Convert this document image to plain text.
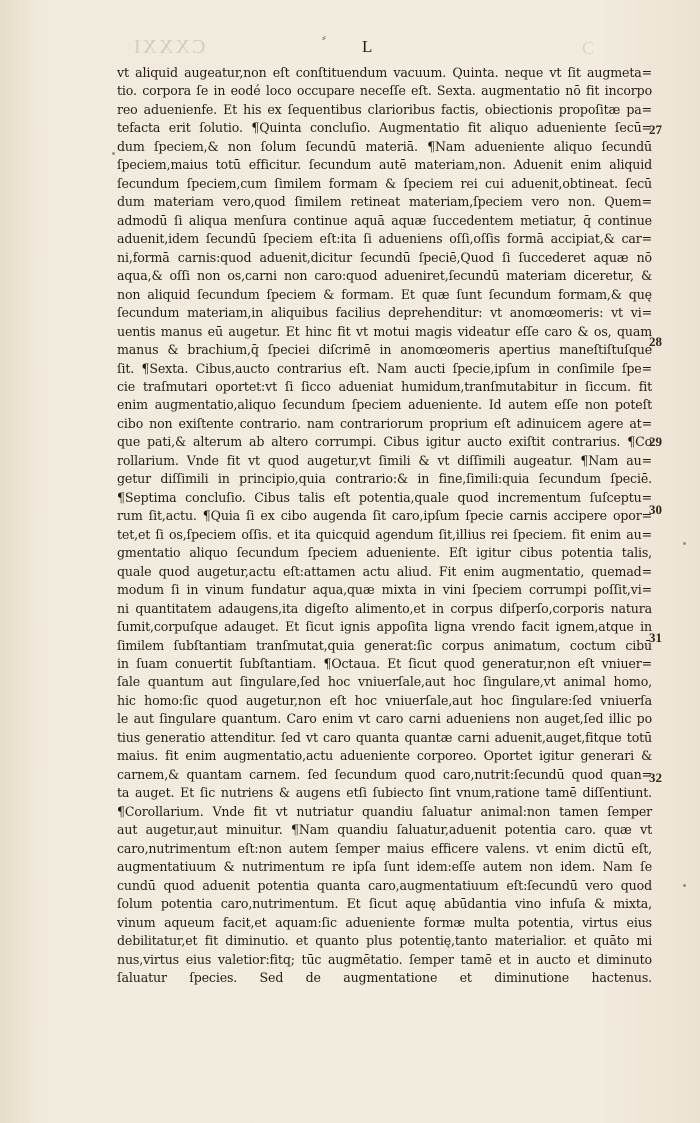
CXXXI	C
⸗ L
vt aliquid augeatur,non eſt conſtituendum vacuum. Quinta. neque vt ſit augmeta=
tio. corpora ſe in eodé loco occupare neceſſe eſt. Sexta. augmentatio nō fit incorpo
reo aduenienfe. Et his ex ſequentibus clarioribus factis, obiectionis propoſitæ pa=
tefacta erit ſolutio. ¶Quinta concluſio. Augmentatio fit aliquo adueniente ſecū=
dum ſpeciem,& non ſolum ſecundū materiā. ¶Nam adueniente aliquo ſecundū
ſpeciem,maius totū efficitur. ſecundum autē materiam,non. Aduenit enim aliquid
ſecundum ſpeciem,cum ſimilem formam & ſpeciem rei cui aduenit,obtineat. ſecū
dum materiam vero,quod ſimilem retineat materiam,ſpeciem vero non. Quem=
admodū ſi aliqua menſura continue aquā aquæ ſuccedentem metiatur, q̄ continue
aduenit,idem ſecundū ſpeciem eſt:ita ſi adueniens oſſi,oſſis formā accipiat,& car=
ni,formā carnis:quod aduenit,dicitur ſecundū ſpeciē,Quod ſi ſuccederet aquæ nō
aqua,& oſſi non os,carni non caro:quod adueniret,ſecundū materiam diceretur, &
non aliquid ſecundum ſpeciem & formam. Et quæ ſunt ſecundum formam,& quę
ſecundum materiam,in aliquibus facilius deprehenditur: vt anomœomeris: vt vi=
uentis manus eū augetur. Et hinc fit vt motui magis videatur eſſe caro & os, quam
manus & brachium,q̄ ſpeciei diſcrimē in anomœomeris apertius maneſtiſtuſque
ſit. ¶Sexta. Cibus,aucto contrarius eſt. Nam aucti ſpecie,ipſum in conſimile ſpe=
cie traſmutari oportet:vt ſi ſicco adueniat humidum,tranſmutabitur in ſiccum. fit
enim augmentatio,aliquo ſecundum ſpeciem adueniente. Id autem eſſe non poteſt
cibo non exiſtente contrario. nam contrariorum proprium eſt adinuicem agere at=
que pati,& alterum ab altero corrumpi. Cibus igitur aucto exiſtit contrarius. ¶Co
rollarium. Vnde fit vt quod augetur,vt ſimili & vt diſſimili augeatur. ¶Nam au=
getur diſſimili in principio,quia contrario:& in fine,ſimili:quia ſecundum ſpeciē.
¶Septima concluſio. Cibus talis eſt potentia,quale quod incrementum ſuſceptu=
rum ſit,actu. ¶Quia ſi ex cibo augenda ſit caro,ipſum ſpecie carnis accipere opor=
tet,et ſi os,ſpeciem oſſis. et ita quicquid agendum ſit,illius rei ſpeciem. fit enim au=
gmentatio aliquo ſecundum ſpeciem adueniente. Eſt igitur cibus potentia talis,
quale quod augetur,actu eſt:attamen actu aliud. Fit enim augmentatio, quemad=
modum ſi in vinum fundatur aqua,quæ mixta in vini ſpeciem corrumpi poſſit,vi=
ni quantitatem adaugens,ita digeſto alimento,et in corpus diſperſo,corporis natura
ſumit,corpuſque adauget. Et ſicut ignis appoſita ligna vrendo facit ignem,atque in
ſimilem ſubſtantiam tranſmutat,quia generat:ſic corpus animatum, coctum cibū
in ſuam conuertit ſubſtantiam. ¶Octaua. Et ſicut quod generatur,non eſt vniuer=
ſale quantum aut ſingulare,ſed hoc vniuerſale,aut hoc ſingulare,vt animal homo,
hic homo:ſic quod augetur,non eſt hoc vniuerſale,aut hoc ſingulare:ſed vniuerſa
le aut ſingulare quantum. Caro enim vt caro carni adueniens non auget,ſed illic po
tius generatio attenditur. ſed vt caro quanta quantæ carni aduenit,auget,fitque totū
maius. fit enim augmentatio,actu adueniente corporeo. Oportet igitur generari &
carnem,& quantam carnem. ſed ſecundum quod caro,nutrit:ſecundū quod quan=
ta auget. Et ſic nutriens & augens etſi ſubiecto ſint vnum,ratione tamē diſſentiunt.
¶Corollarium. Vnde fit vt nutriatur quandiu ſaluatur animal:non tamen ſemper
aut augetur,aut minuitur. ¶Nam quandiu ſaluatur,aduenit potentia caro. quæ vt
caro,nutrimentum eſt:non autem ſemper maius efficere valens. vt enim dictū eſt,
augmentatiuum & nutrimentum re ipſa ſunt idem:eſſe autem non idem. Nam ſe
cundū quod aduenit potentia quanta caro,augmentatiuum eſt:ſecundū vero quod
ſolum potentia caro,nutrimentum. Et ſicut aquę abūdantia vino infuſa & mixta,
vinum aqueum facit,et aquam:ſic adueniente formæ multa potentia, virtus eius
debilitatur,et fit diminutio. et quanto plus potentię,tanto materialior. et quāto mi
nus,virtus eius valetior:fitq; tūc augmētatio. ſemper tamē et in aucto et diminuto
ſaluatur ſpecies. Sed de augmentatione et diminutione hactenus.
27
28
29
30
31
32
